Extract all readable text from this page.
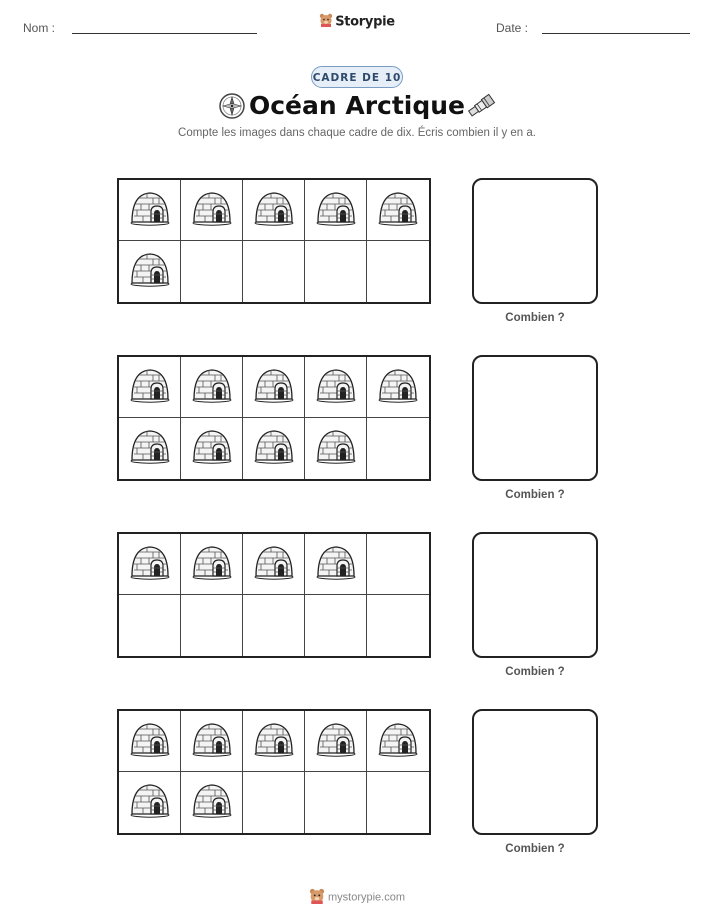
Nom :	Storypie	Date :
CADRE DE 10
Océan Arctique
Compte les images dans chaque cadre de dix. Écris combien il y en a.
Combien ?
Combien ?
Combien ?
Combien ?
mystorypie.com
